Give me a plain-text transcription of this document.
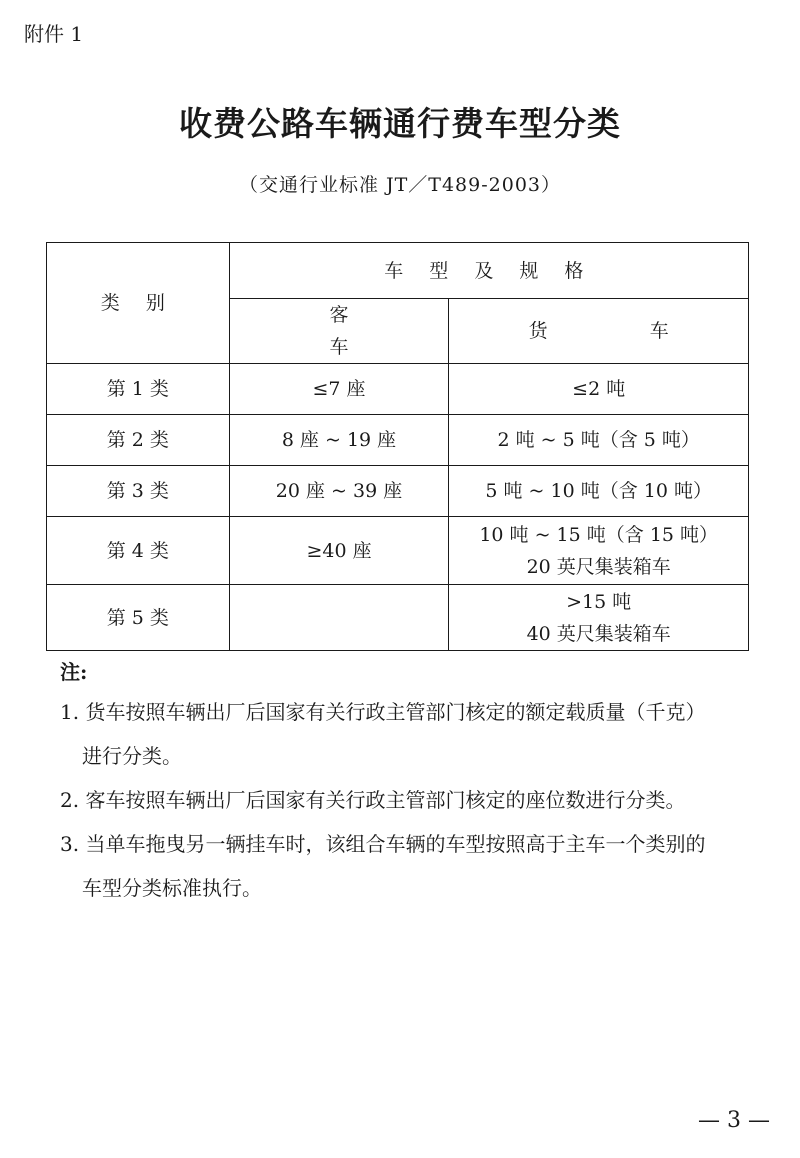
附件 1
收费公路车辆通行费车型分类
（交通行业标准 JT／T489-2003）
类 别	车 型 及 规 格	
	客 车	货 车
第 1 类	≤7 座	≤2 吨

第 2 类	8 座 ~ 19 座	2 吨 ~ 5 吨（含 5 吨）

第 3 类	20 座 ~ 39 座	5 吨 ~ 10 吨（含 10 吨）

第 4 类	≥40 座	10 吨 ~ 15 吨（含 15 吨）
20 英尺集装箱车

第 5 类		>15 吨
40 英尺集装箱车
注:
1. 货车按照车辆出厂后国家有关行政主管部门核定的额定载质量（千克）
进行分类。
2. 客车按照车辆出厂后国家有关行政主管部门核定的座位数进行分类。
3. 当单车拖曳另一辆挂车时，该组合车辆的车型按照高于主车一个类别的
车型分类标准执行。
— 3 —
